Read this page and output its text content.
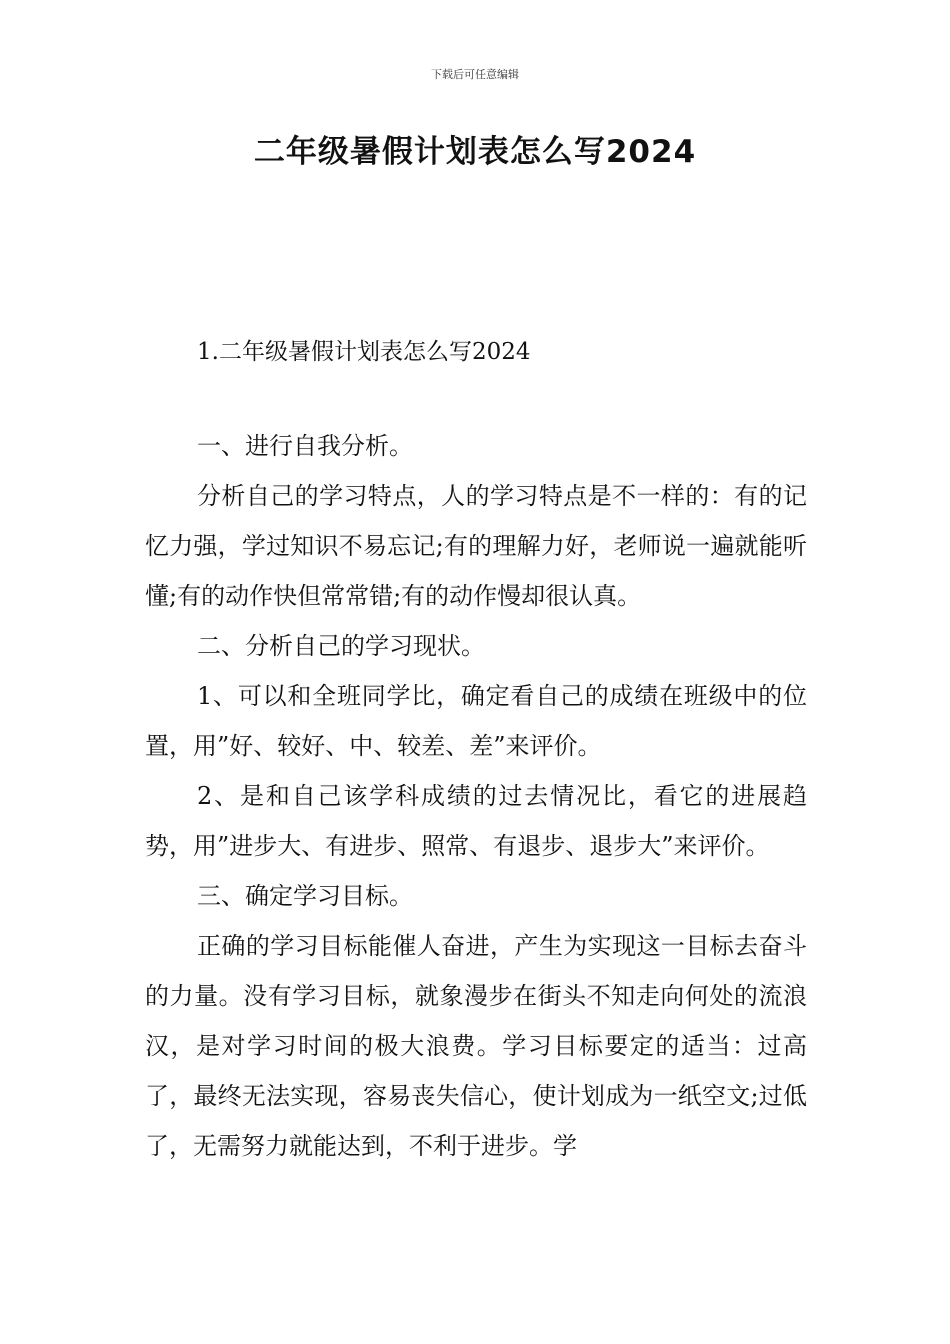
下载后可任意编辑
二年级暑假计划表怎么写2024

1.二年级暑假计划表怎么写2024

一、进行自我分析。

分析自己的学习特点，人的学习特点是不一样的：有的记忆力强，学过知识不易忘记;有的理解力好，老师说一遍就能听懂;有的动作快但常常错;有的动作慢却很认真。

二、分析自己的学习现状。

1、可以和全班同学比，确定看自己的成绩在班级中的位置，用”好、较好、中、较差、差”来评价。

2、是和自己该学科成绩的过去情况比，看它的进展趋势，用”进步大、有进步、照常、有退步、退步大”来评价。

三、确定学习目标。

正确的学习目标能催人奋进，产生为实现这一目标去奋斗的力量。没有学习目标，就象漫步在街头不知走向何处的流浪汉，是对学习时间的极大浪费。学习目标要定的适当：过高了，最终无法实现，容易丧失信心，使计划成为一纸空文;过低了，无需努力就能达到，不利于进步。学
